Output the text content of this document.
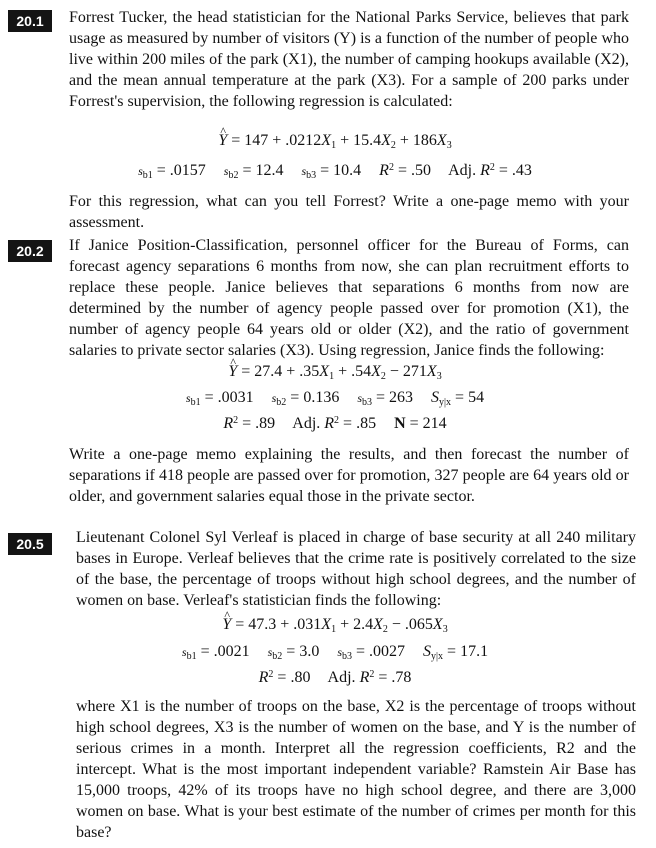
20.1	Forrest Tucker, the head statistician for the National Parks Service, believes that park usage as measured by number of visitors (Y) is a function of the number of people who live within 200 miles of the park (X1), the number of camping hookups available (X2), and the mean annual temperature at the park (X3). For a sample of 200 parks under Forrest's supervision, the following regression is calculated:
^ $Y = 147 + .0212X_1 + 15.4X_2 + 186X_3$
$s_{b1} = .0157$ $s_{b2} = 12.4$ $s_{b3} = 10.4$ $R^2 = .50$ Adj. $R^2 = .43$
For this regression, what can you tell Forrest? Write a one-page memo with your assessment.
20.2	If Janice Position-Classification, personnel officer for the Bureau of Forms, can forecast agency separations 6 months from now, she can plan recruitment efforts to replace these people. Janice believes that separations 6 months from now are determined by the number of agency people passed over for promotion (X1), the number of agency people 64 years old or older (X2), and the ratio of government salaries to private sector salaries (X3). Using regression, Janice finds the following:
^ $Y = 27.4 + .35X_1 + .54X_2 - 271X_3$
$s_{b1} = .0031$ $s_{b2} = 0.136$ $s_{b3} = 263$ $S_{y|x} = 54$
$R^2 = .89$ Adj. $R^2 = .85$ N = 214
Write a one-page memo explaining the results, and then forecast the number of separations if 418 people are passed over for promotion, 327 people are 64 years old or older, and government salaries equal those in the private sector.
20.5	Lieutenant Colonel Syl Verleaf is placed in charge of base security at all 240 military bases in Europe. Verleaf believes that the crime rate is positively correlated to the size of the base, the percentage of troops without high school degrees, and the number of women on base. Verleaf's statistician finds the following:
^ $Y = 47.3 + .031X_1 + 2.4X_2 - .065X_3$
$s_{b1} = .0021$ $s_{b2} = 3.0$ $s_{b3} = .0027$ $S_{y|x} = 17.1$
$R^2 = .80$ Adj. $R^2 = .78$
where X1 is the number of troops on the base, X2 is the percentage of troops without high school degrees, X3 is the number of women on the base, and Y is the number of serious crimes in a month. Interpret all the regression coefficients, R2 and the intercept. What is the most important independent variable? Ramstein Air Base has 15,000 troops, 42% of its troops have no high school degree, and there are 3,000 women on base. What is your best estimate of the number of crimes per month for this base?
